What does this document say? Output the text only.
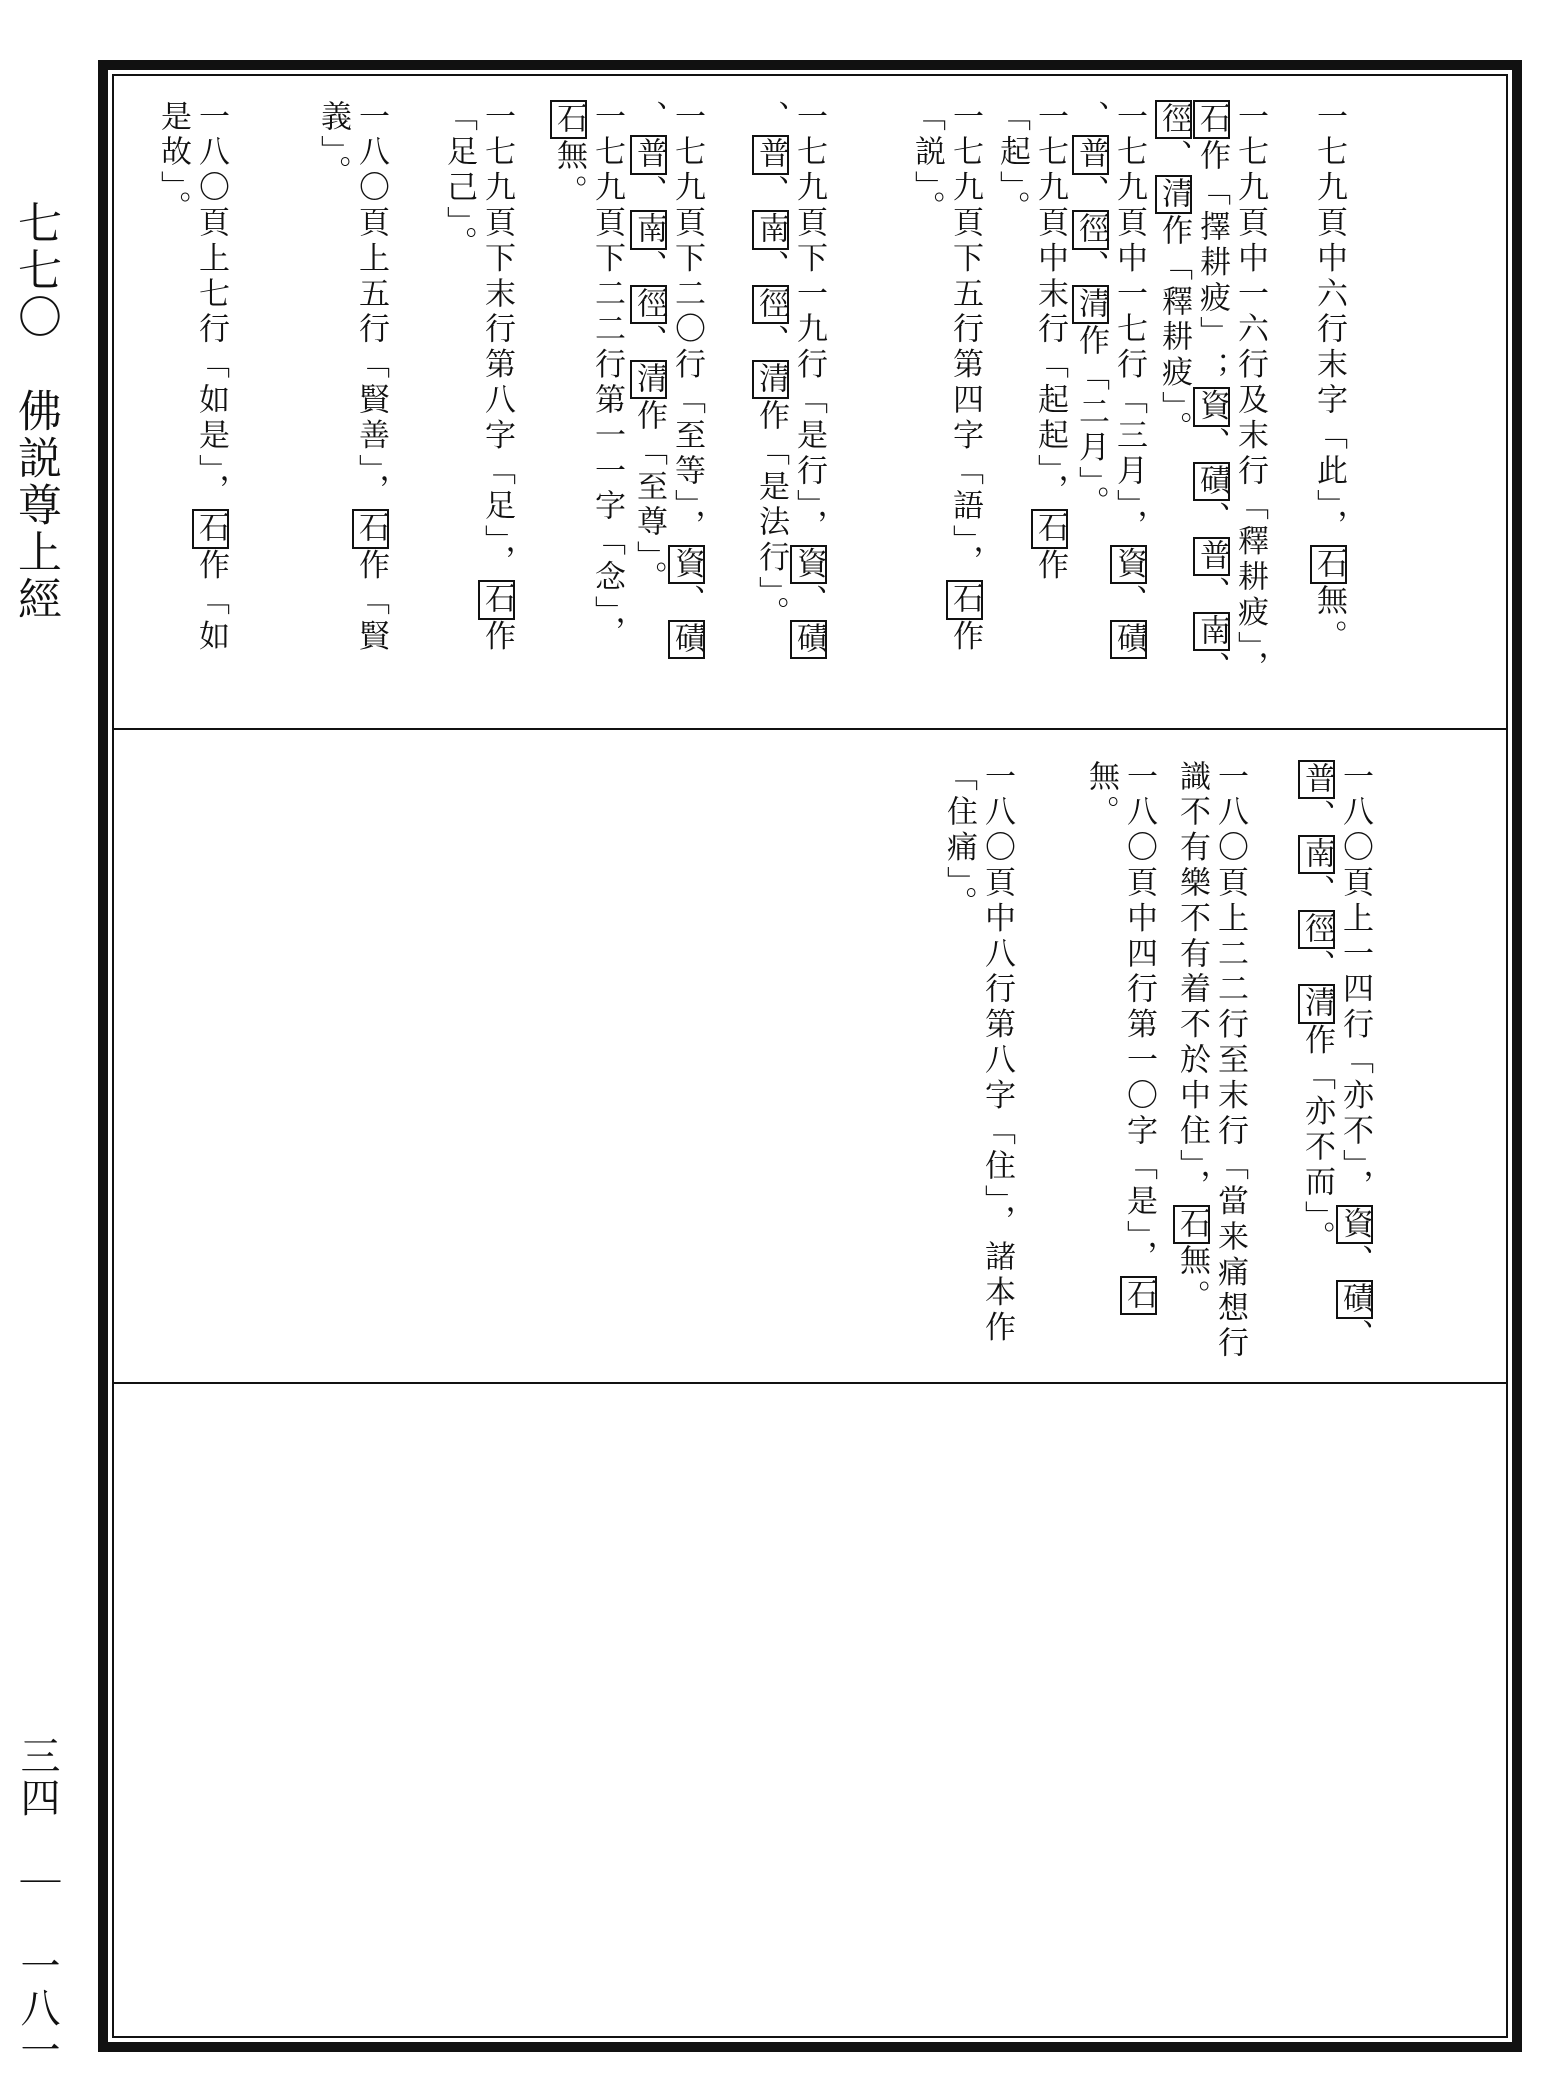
七七〇　佛説尊上經
三四　｜　一八一
一七九頁中六行末字「此」，石無。
一七九頁中一六行及末行「釋耕疲」，石作「擇耕疲」；資、磧、普、南、徑、清作「釋耕疲」。
一七九頁中一七行「三月」，資、磧、普、徑、清作「二月」。
一七九頁中末行「起起」，石作「起」。
一七九頁下五行第四字「語」，石作「説」。
一七九頁下一九行「是行」，資、磧、普、南、徑、清作「是法行」。
一七九頁下二〇行「至等」，資、磧、普、南、徑、清作「至尊」。
一七九頁下二二行第一一字「念」，石無。
一七九頁下末行第八字「足」，石作「足己」。
一八〇頁上五行「賢善」，石作「賢義」。
一八〇頁上七行「如是」，石作「如是故」。
一八〇頁上一四行「亦不」，資、磧、普、南、徑、清作「亦不而」。
一八〇頁上二二行至末行「當来痛想行識不有樂不有着不於中住」，石無。
一八〇頁中四行第一〇字「是」，石無。
一八〇頁中八行第八字「住」，諸本作「住痛」。
